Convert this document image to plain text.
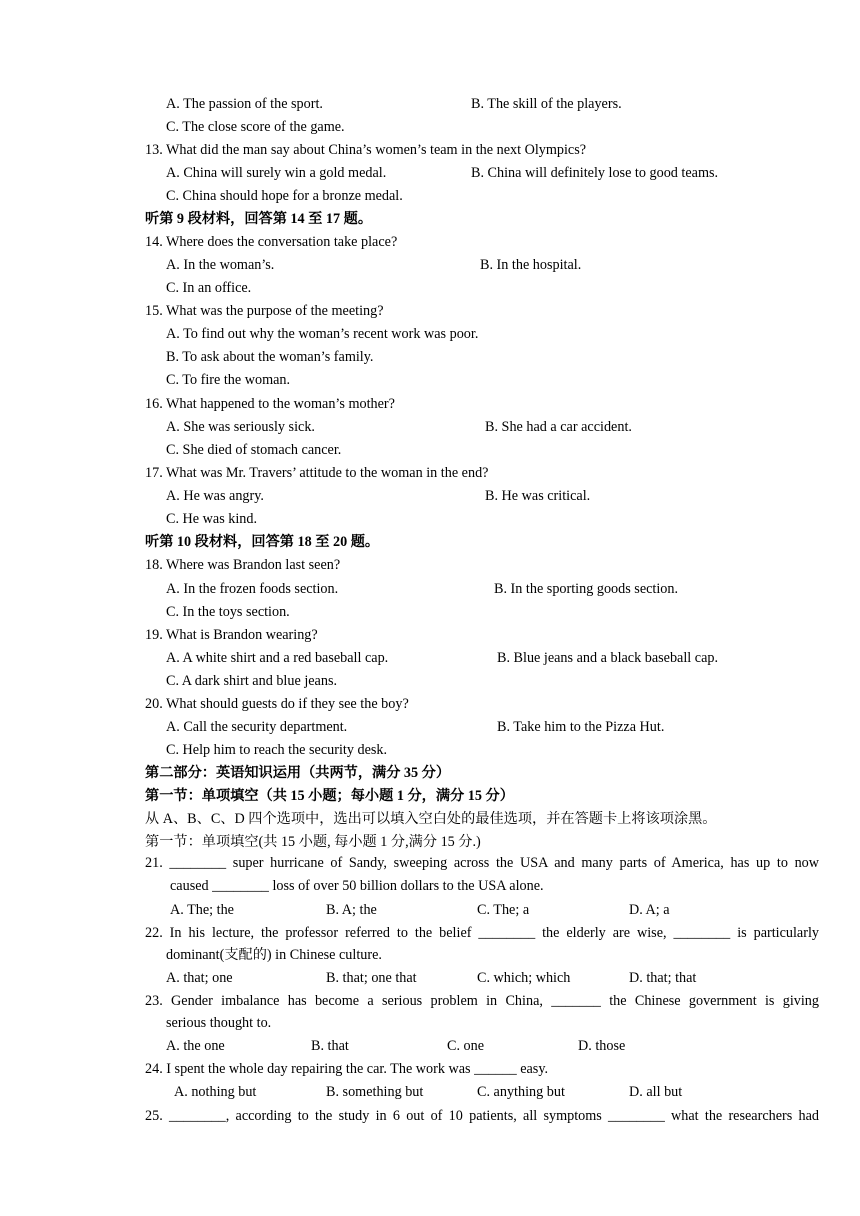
A. The passion of the sport.	B. The skill of the players.
C. The close score of the game.
13. What did the man say about China’s women’s team in the next Olympics?
A. China will surely win a gold medal.	B. China will definitely lose to good teams.
C. China should hope for a bronze medal.
听第 9 段材料，回答第 14 至 17 题。
14. Where does the conversation take place?
A. In the woman’s.	B. In the hospital.
C. In an office.
15. What was the purpose of the meeting?
A. To find out why the woman’s recent work was poor.
B. To ask about the woman’s family.
C. To fire the woman.
16. What happened to the woman’s mother?
A. She was seriously sick.	B. She had a car accident.
C. She died of stomach cancer.
17. What was Mr. Travers’ attitude to the woman in the end?
A. He was angry.	B. He was critical.
C. He was kind.
听第 10 段材料，回答第 18 至 20 题。
18. Where was Brandon last seen?
A. In the frozen foods section.	B. In the sporting goods section.
C. In the toys section.
19. What is Brandon wearing?
A. A white shirt and a red baseball cap.	B. Blue jeans and a black baseball cap.
C. A dark shirt and blue jeans.
20. What should guests do if they see the boy?
A. Call the security department.	B. Take him to the Pizza Hut.
C. Help him to reach the security desk.
第二部分：英语知识运用（共两节，满分 35 分）
第一节：单项填空（共 15 小题；每小题 1 分，满分 15 分）
从 A、B、C、D 四个选项中，选出可以填入空白处的最佳选项，并在答题卡上将该项涂黑。
第一节：单项填空(共 15 小题, 每小题 1 分,满分 15 分.)
21. ________ super hurricane of Sandy, sweeping across the USA and many parts of America, has up to now
caused ________ loss of over 50 billion dollars to the USA alone.
A. The; the	B. A; the	C. The; a	D. A; a
22. In his lecture, the professor referred to the belief ________ the elderly are wise, ________ is particularly
dominant(支配的) in Chinese culture.
A. that; one	B. that; one that	C. which; which	D. that; that
23. Gender imbalance has become a serious problem in China, _______ the Chinese government is giving
serious thought to.
A. the one	B. that	C. one	D. those
24. I spent the whole day repairing the car. The work was ______ easy.
A. nothing but	B. something but	C. anything but	D. all but
25. ________, according to the study in 6 out of 10 patients, all symptoms ________ what the researchers had
